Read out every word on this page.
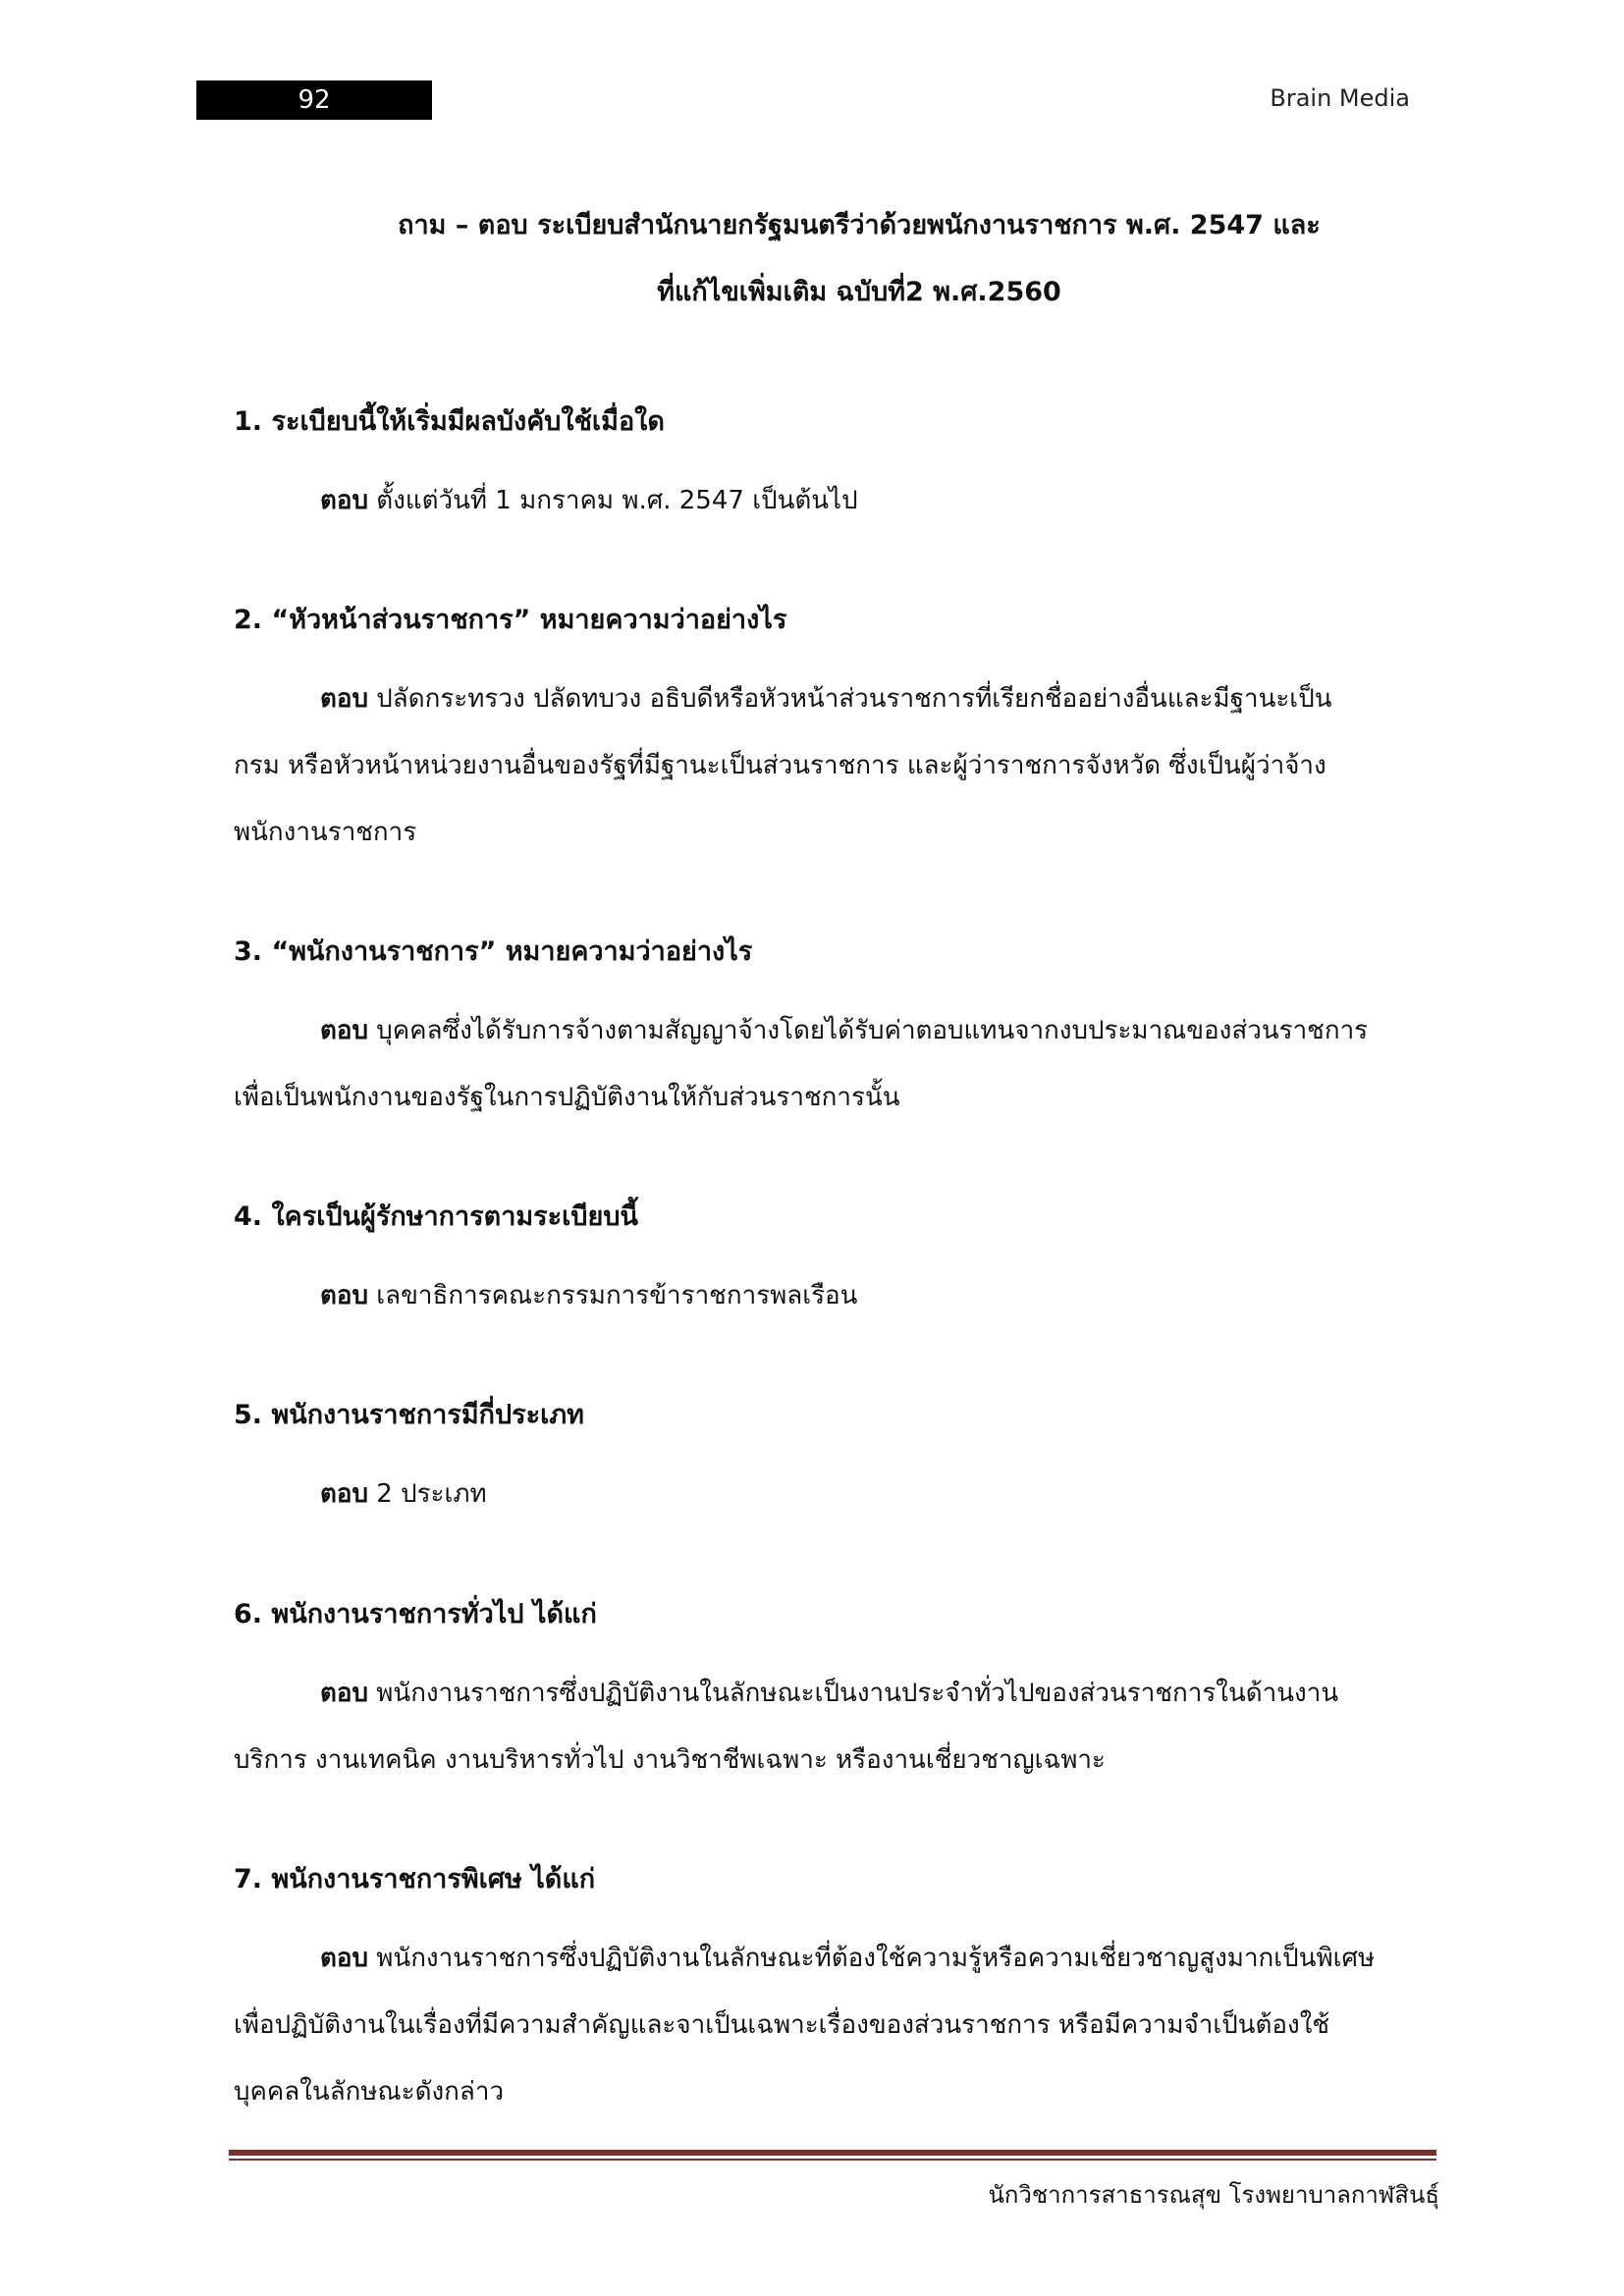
92	Brain Media
ถาม – ตอบ ระเบียบสำนักนายกรัฐมนตรีว่าด้วยพนักงานราชการ พ.ศ. 2547 และ
ที่แก้ไขเพิ่มเติม ฉบับที่2 พ.ศ.2560
1. ระเบียบนี้ให้เริ่มมีผลบังคับใช้เมื่อใด
ตอบ ตั้งแต่วันที่ 1 มกราคม พ.ศ. 2547 เป็นต้นไป
2. “หัวหน้าส่วนราชการ” หมายความว่าอย่างไร
ตอบ ปลัดกระทรวง ปลัดทบวง อธิบดีหรือหัวหน้าส่วนราชการที่เรียกชื่ออย่างอื่นและมีฐานะเป็น
กรม หรือหัวหน้าหน่วยงานอื่นของรัฐที่มีฐานะเป็นส่วนราชการ และผู้ว่าราชการจังหวัด ซึ่งเป็นผู้ว่าจ้าง
พนักงานราชการ
3. “พนักงานราชการ” หมายความว่าอย่างไร
ตอบ บุคคลซึ่งได้รับการจ้างตามสัญญาจ้างโดยได้รับค่าตอบแทนจากงบประมาณของส่วนราชการ
เพื่อเป็นพนักงานของรัฐในการปฏิบัติงานให้กับส่วนราชการนั้น
4. ใครเป็นผู้รักษาการตามระเบียบนี้
ตอบ เลขาธิการคณะกรรมการข้าราชการพลเรือน
5. พนักงานราชการมีกี่ประเภท
ตอบ 2 ประเภท
6. พนักงานราชการทั่วไป ได้แก่
ตอบ พนักงานราชการซึ่งปฏิบัติงานในลักษณะเป็นงานประจำทั่วไปของส่วนราชการในด้านงาน
บริการ งานเทคนิค งานบริหารทั่วไป งานวิชาชีพเฉพาะ หรืองานเชี่ยวชาญเฉพาะ
7. พนักงานราชการพิเศษ ได้แก่
ตอบ พนักงานราชการซึ่งปฏิบัติงานในลักษณะที่ต้องใช้ความรู้หรือความเชี่ยวชาญสูงมากเป็นพิเศษ
เพื่อปฏิบัติงานในเรื่องที่มีความสำคัญและจาเป็นเฉพาะเรื่องของส่วนราชการ หรือมีความจำเป็นต้องใช้
บุคคลในลักษณะดังกล่าว
นักวิชาการสาธารณสุข โรงพยาบาลกาฬสินธุ์
